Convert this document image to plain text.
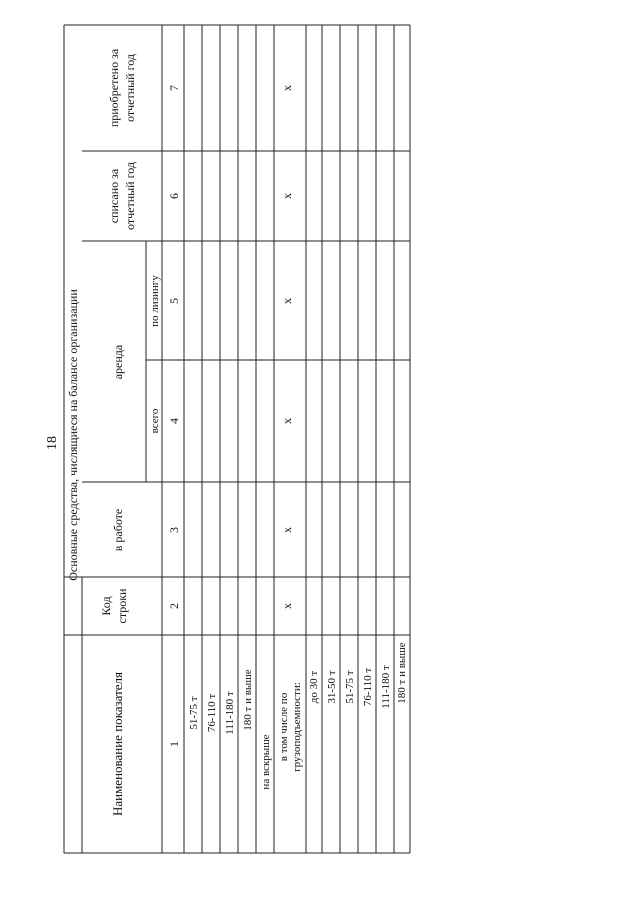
18 Основные средства, числящиеся на балансе организации
Наименование показателя
Код строки
в работе
аренда
всего
по лизингу
списано за отчетный год
приобретено за отчетный год
1
2
3
4
5
6
7
51-75 т 76-110 т 111-180 т 180 т и выше
на вскрыше
в том числе по грузоподъемности: до 30 т 31-50 т 51-75 т 76-110 т 111-180 т 180 т и выше
х
х
х
х
х
х
